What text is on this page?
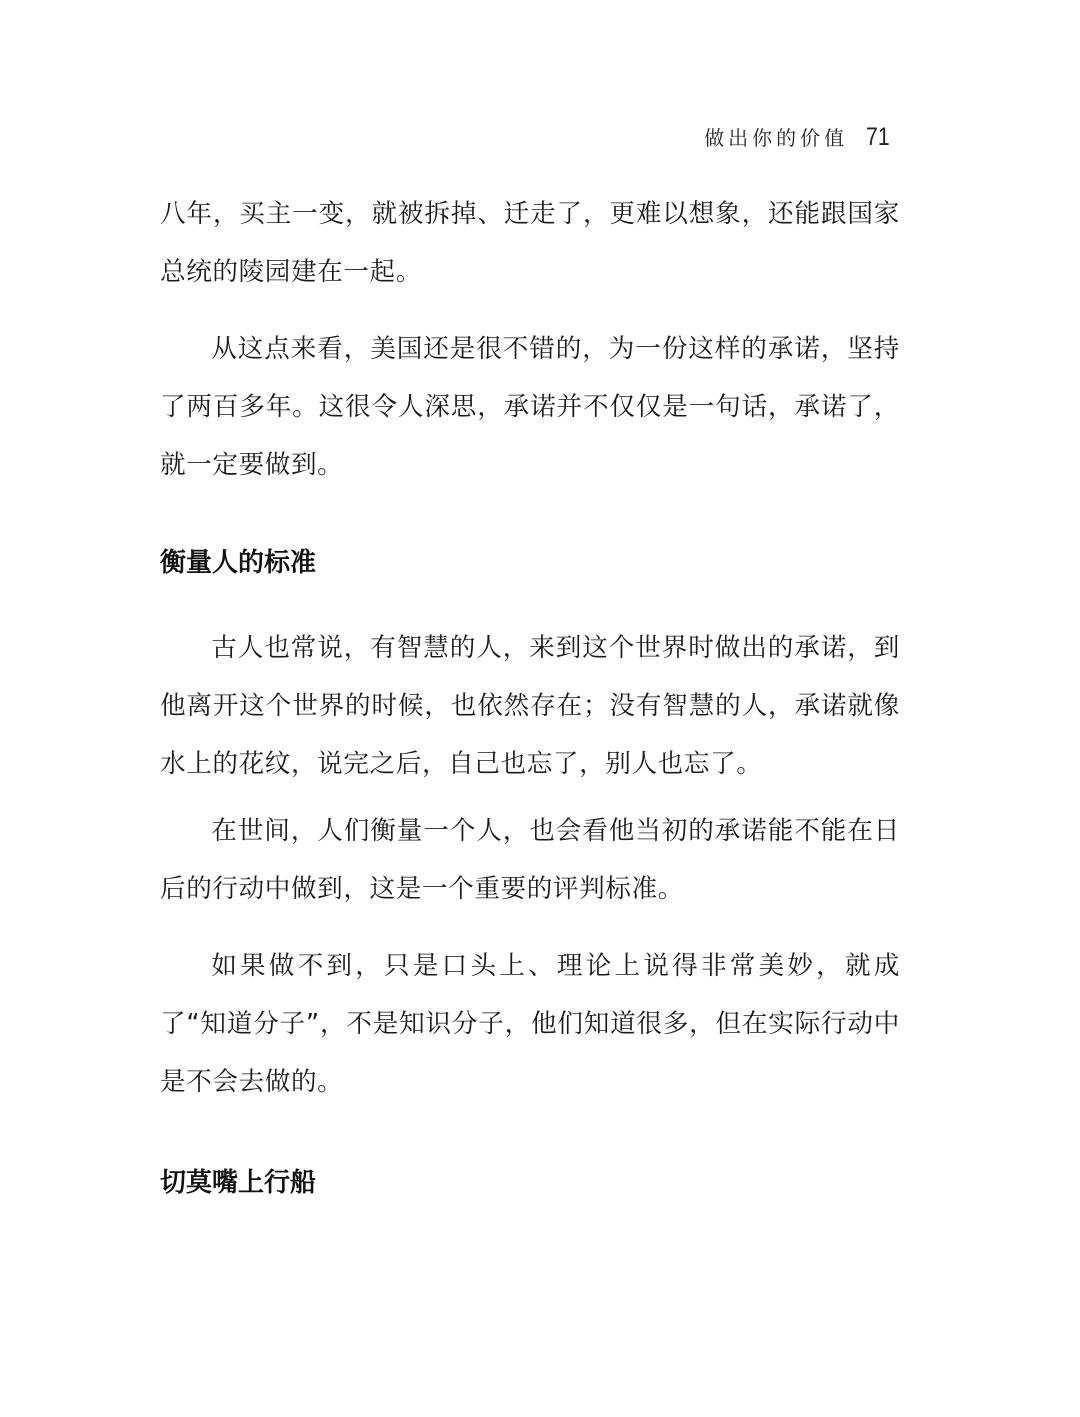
做出你的价值 71

八年，买主一变，就被拆掉、迁走了，更难以想象，还能跟国家总统的陵园建在一起。

从这点来看，美国还是很不错的，为一份这样的承诺，坚持了两百多年。这很令人深思，承诺并不仅仅是一句话，承诺了，就一定要做到。

衡量人的标准

古人也常说，有智慧的人，来到这个世界时做出的承诺，到他离开这个世界的时候，也依然存在；没有智慧的人，承诺就像水上的花纹，说完之后，自己也忘了，别人也忘了。

在世间，人们衡量一个人，也会看他当初的承诺能不能在日后的行动中做到，这是一个重要的评判标准。

如果做不到，只是口头上、理论上说得非常美妙，就成了“知道分子”，不是知识分子，他们知道很多，但在实际行动中是不会去做的。

切莫嘴上行船
